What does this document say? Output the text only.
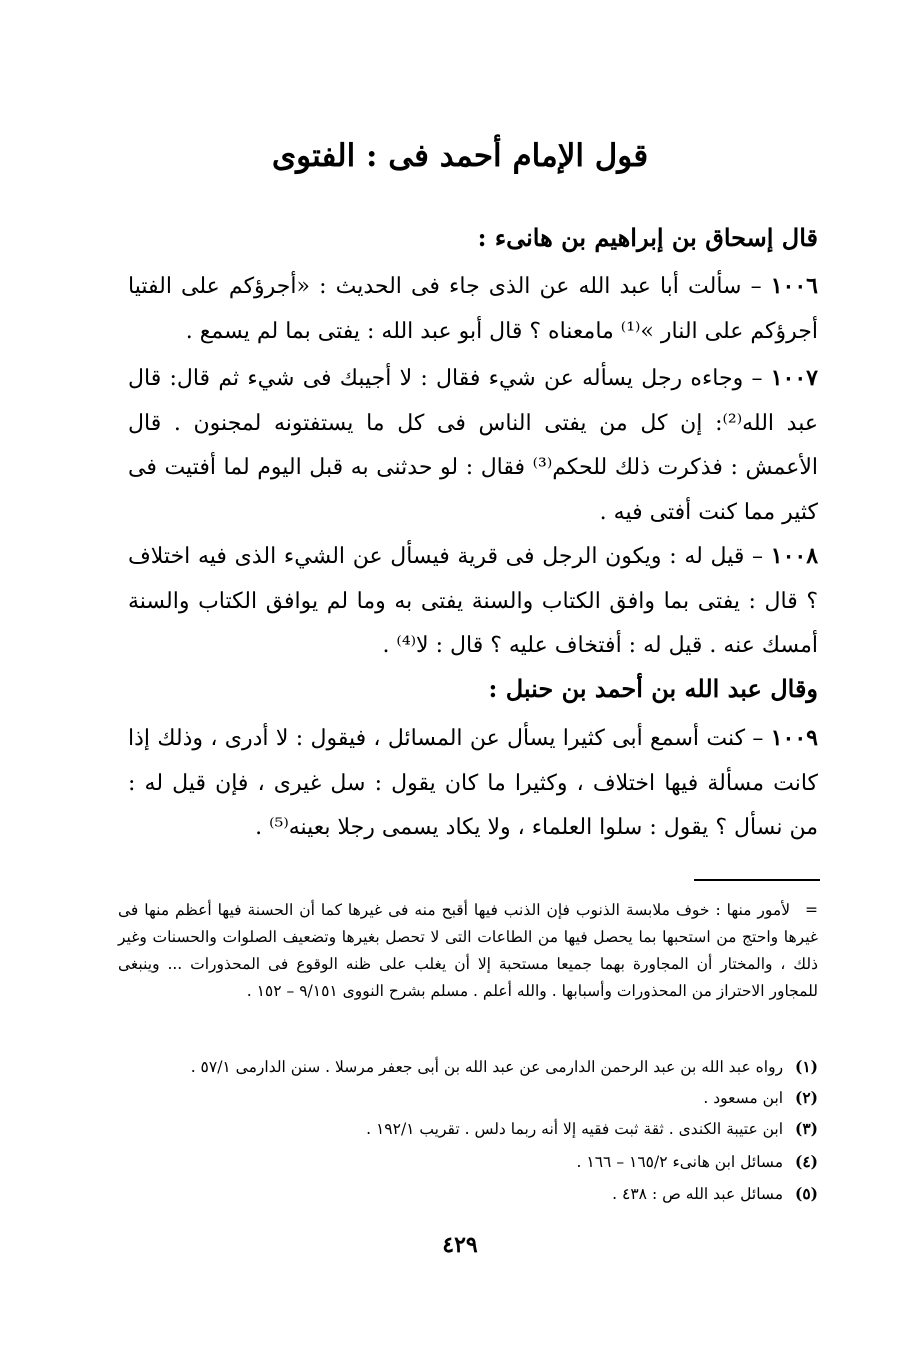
قول الإمام أحمد فى : الفتوى
قال إسحاق بن إبراهيم بن هانىء :
١٠٠٦ – سألت أبا عبد الله عن الذى جاء فى الحديث : «أجرؤكم على الفتيا أجرؤكم على النار »⁽¹⁾ مامعناه ؟ قال أبو عبد الله : يفتى بما لم يسمع .
١٠٠٧ – وجاءه رجل يسأله عن شيء فقال : لا أجيبك فى شيء ثم قال: قال عبد الله⁽²⁾: إن كل من يفتى الناس فى كل ما يستفتونه لمجنون . قال الأعمش : فذكرت ذلك للحكم⁽³⁾ فقال : لو حدثنى به قبل اليوم لما أفتيت فى كثير مما كنت أفتى فيه .
١٠٠٨ – قيل له : ويكون الرجل فى قرية فيسأل عن الشيء الذى فيه اختلاف ؟ قال : يفتى بما وافق الكتاب والسنة يفتى به وما لم يوافق الكتاب والسنة أمسك عنه . قيل له : أفتخاف عليه ؟ قال : لا⁽⁴⁾ .
وقال عبد الله بن أحمد بن حنبل :
١٠٠٩ – كنت أسمع أبى كثيرا يسأل عن المسائل ، فيقول : لا أدرى ، وذلك إذا كانت مسألة فيها اختلاف ، وكثيرا ما كان يقول : سل غيرى ، فإن قيل له : من نسأل ؟ يقول : سلوا العلماء ، ولا يكاد يسمى رجلا بعينه⁽⁵⁾ .
= لأمور منها : خوف ملابسة الذنوب فإن الذنب فيها أقبح منه فى غيرها كما أن الحسنة فيها أعظم منها فى غيرها واحتج من استحبها بما يحصل فيها من الطاعات التى لا تحصل بغيرها وتضعيف الصلوات والحسنات وغير ذلك ، والمختار أن المجاورة بهما جميعا مستحبة إلا أن يغلب على ظنه الوقوع فى المحذورات ... وينبغى للمجاور الاحتراز من المحذورات وأسبابها . والله أعلم . مسلم بشرح النووى ٩/١٥١ – ١٥٢ .
(١) رواه عبد الله بن عبد الرحمن الدارمى عن عبد الله بن أبى جعفر مرسلا . سنن الدارمى ٥٧/١ .
(٢) ابن مسعود .
(٣) ابن عتيبة الكندى . ثقة ثبت فقيه إلا أنه ربما دلس . تقريب ١٩٢/١ .
(٤) مسائل ابن هانىء ١٦٥/٢ – ١٦٦ .
(٥) مسائل عبد الله ص : ٤٣٨ .
٤٢٩
